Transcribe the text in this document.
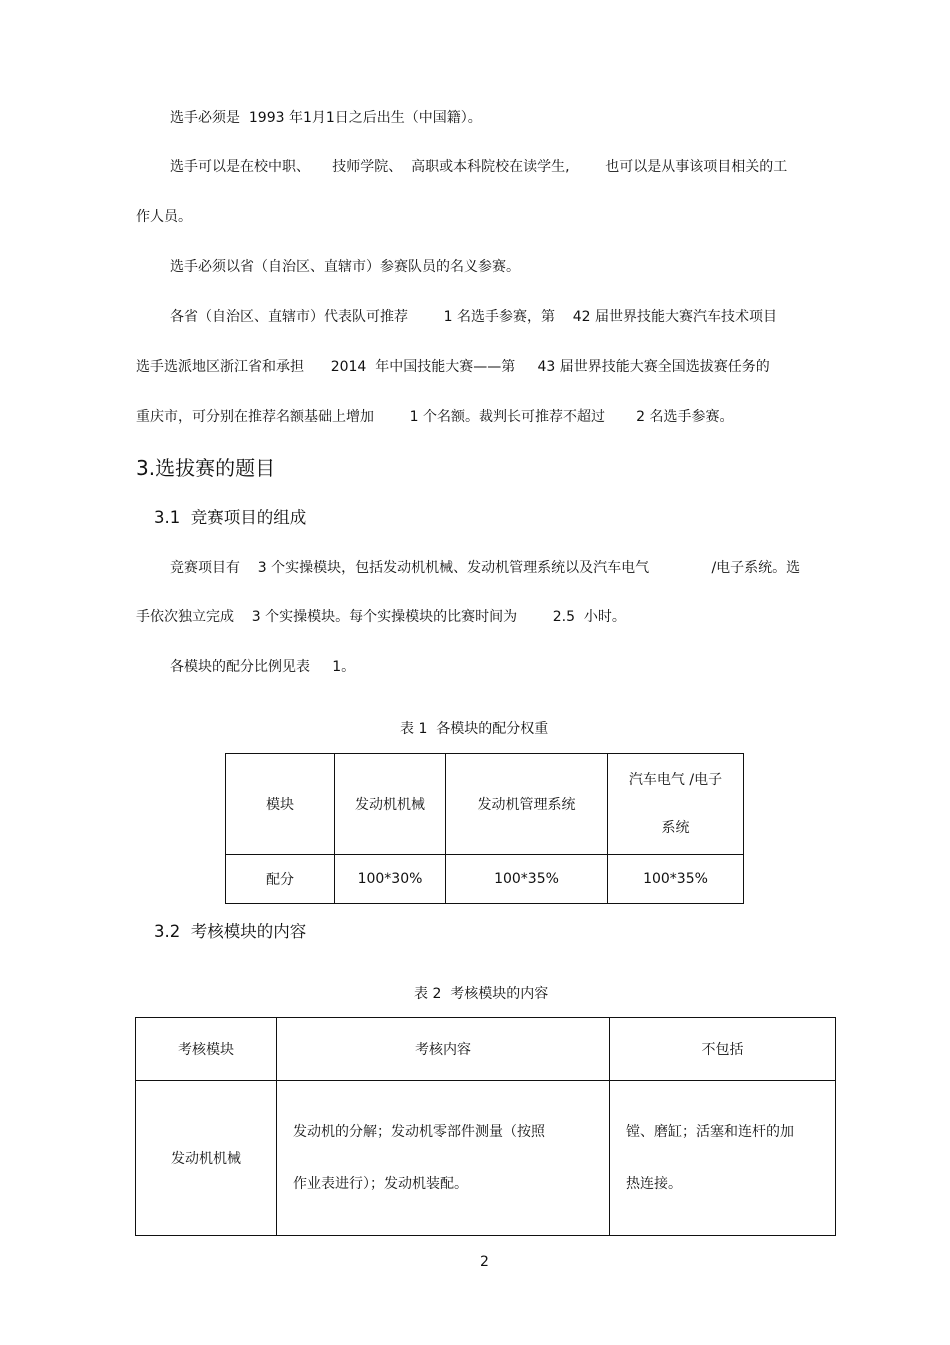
选手必须是  1993 年1月1日之后出生（中国籍）。

选手可以是在校中职、     技师学院、  高职或本科院校在读学生,        也可以是从事该项目相关的工

作人员。

选手必须以省（自治区、直辖市）参赛队员的名义参赛。

各省（自治区、直辖市）代表队可推荐        1 名选手参赛，第    42 届世界技能大赛汽车技术项目

选手选派地区浙江省和承担      2014  年中国技能大赛——第     43 届世界技能大赛全国选拔赛任务的

重庆市，可分别在推荐名额基础上增加        1 个名额。裁判长可推荐不超过       2 名选手参赛。

3.选拔赛的题目

3.1  竞赛项目的组成

竞赛项目有    3 个实操模块，包括发动机机械、发动机管理系统以及汽车电气              /电子系统。选

手依次独立完成    3 个实操模块。每个实操模块的比赛时间为        2.5  小时。

各模块的配分比例见表     1。

表 1  各模块的配分权重

模块	发动机机械	发动机管理系统	汽车电气 /电子
系统

配分	100*30%	100*35%	100*35%

3.2  考核模块的内容

表 2  考核模块的内容

考核模块	考核内容	不包括
发动机机械	发动机的分解；发动机零部件测量（按照
作业表进行）；发动机装配。	镗、磨缸；活塞和连杆的加
热连接。
2
